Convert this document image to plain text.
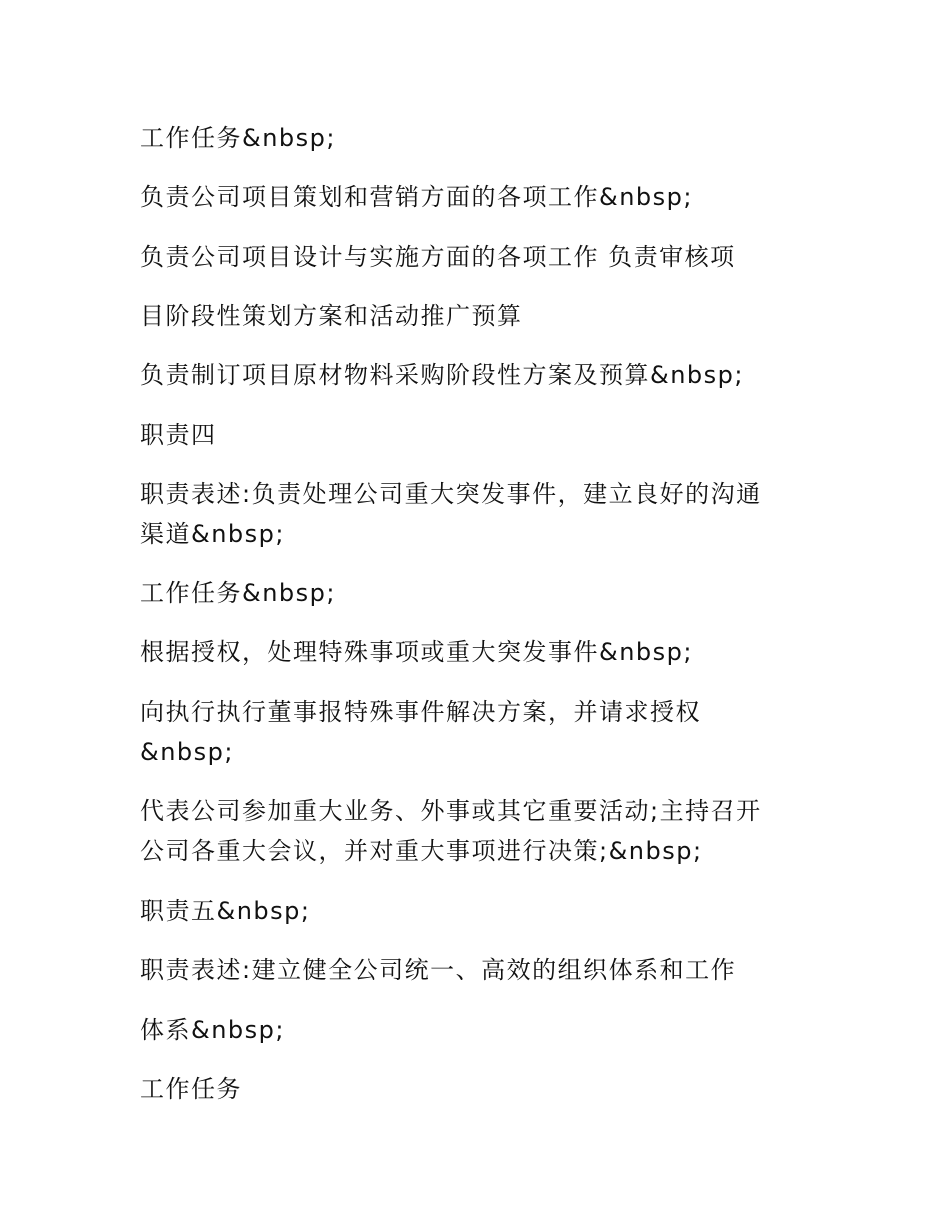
工作任务&nbsp;
负责公司项目策划和营销方面的各项工作&nbsp;
负责公司项目设计与实施方面的各项工作 负责审核项
目阶段性策划方案和活动推广预算
负责制订项目原材物料采购阶段性方案及预算&nbsp;
职责四
职责表述:负责处理公司重大突发事件，建立良好的沟通
渠道&nbsp;
工作任务&nbsp;
根据授权，处理特殊事项或重大突发事件&nbsp;
向执行执行董事报特殊事件解决方案，并请求授权
&nbsp;
代表公司参加重大业务、外事或其它重要活动;主持召开
公司各重大会议，并对重大事项进行决策;&nbsp;
职责五&nbsp;
职责表述:建立健全公司统一、高效的组织体系和工作
体系&nbsp;
工作任务
